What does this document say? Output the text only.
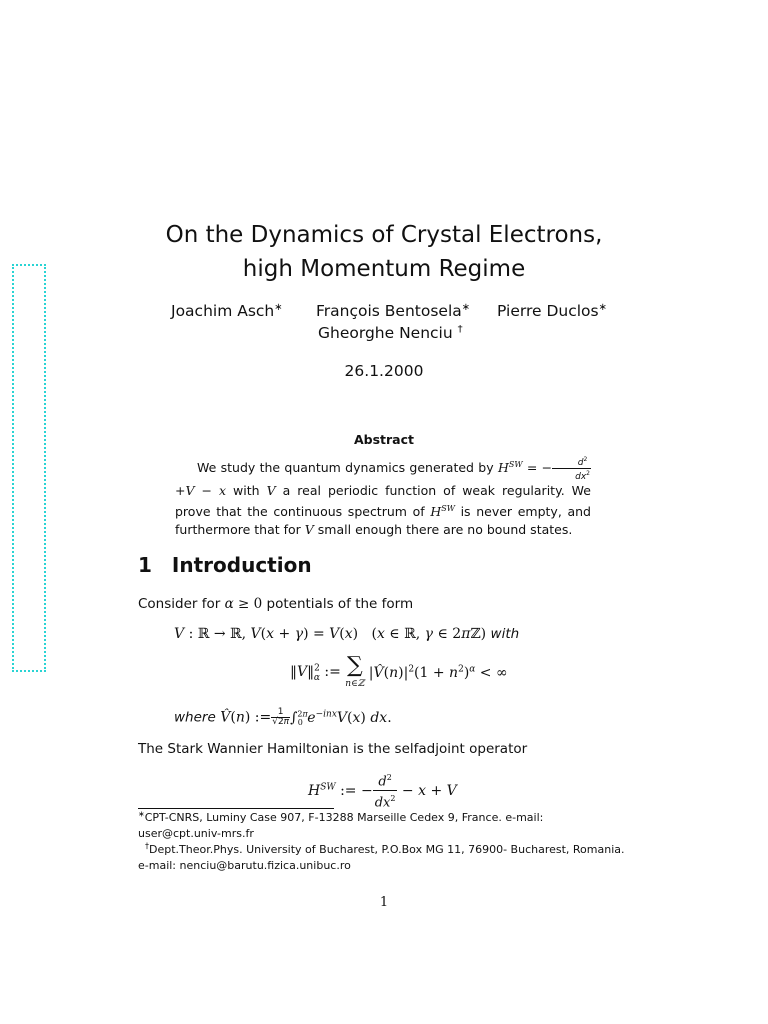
On the Dynamics of Crystal Electrons,
high Momentum Regime
Joachim Asch∗ François Bentosela∗ Pierre Duclos∗
Gheorghe Nenciu †
26.1.2000
Abstract

We study the quantum dynamics generated by $H^{SW}$ = − $\frac{d^2}{dx^2}$
+V − x with V a real periodic function of weak regularity. We prove that the continuous spectrum of $H^{SW}$ is never empty, and furthermore that for V small enough there are no bound states.

1 Introduction
Consider for α ≥ 0 potentials of the form
V : ℝ → ℝ, V(x + γ) = V(x)   (x ∈ ℝ, γ ∈ 2πℤ) with
‖V‖$^2_\alpha$ := ∑
n∈ℤ
$|V̂(n)|^2(1 + n^2)^\alpha$ < ∞
where V̂(n) := $\frac{1}{√2\pi} \int^{2\pi}_0$ $e^{-inx}V(x)$ dx.
The Stark Wannier Hamiltonian is the selfadjoint operator
$H^{SW}$ := − $\frac{d^2}{dx^2} - x + V$

∗CPT-CNRS, Luminy Case 907, F-13288 Marseille Cedex 9, France. e-mail: user@cpt.univ-mrs.fr

†Dept.Theor.Phys. University of Bucharest, P.O.Box MG 11, 76900- Bucharest, Romania. e-mail: nenciu@barutu.fizica.unibuc.ro

1
